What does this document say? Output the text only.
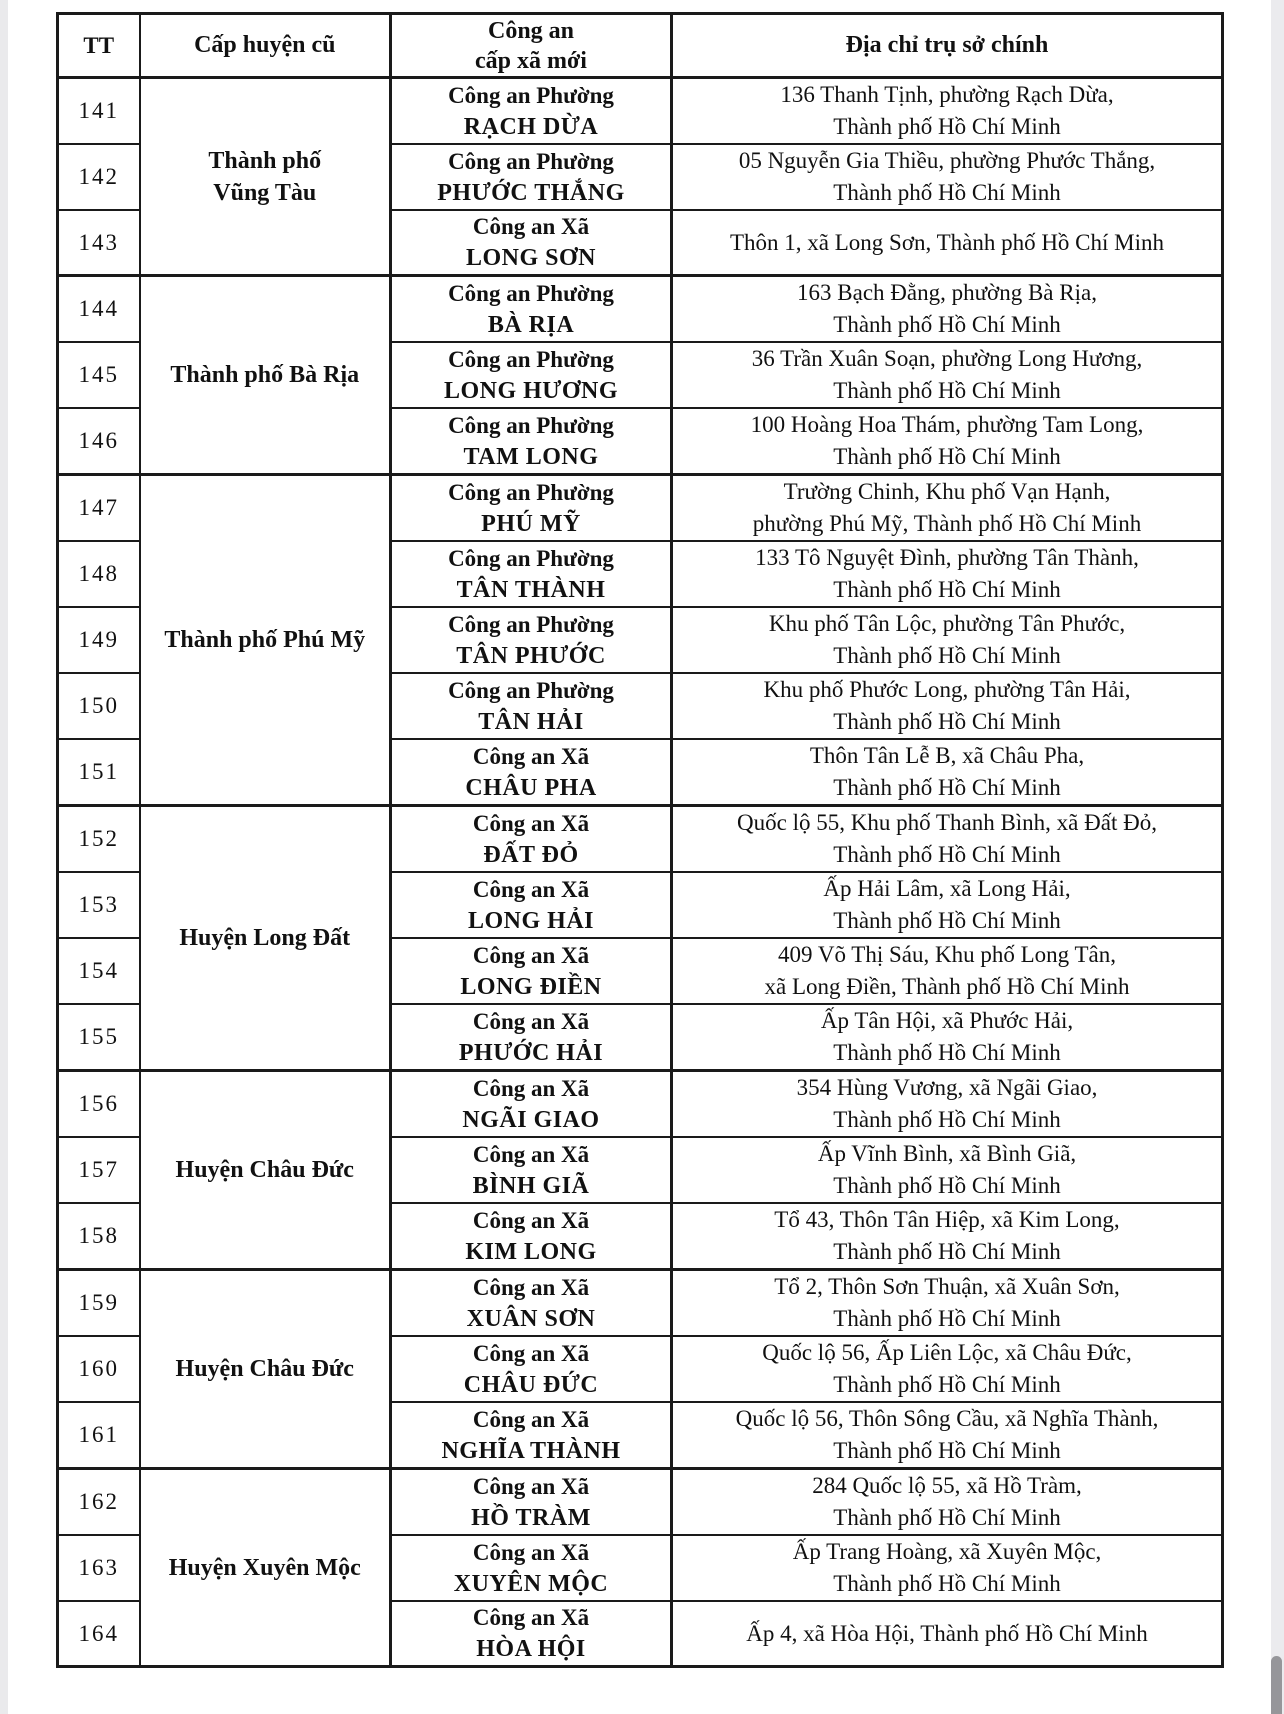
TT	Cấp huyện cũ	Công an
cấp xã mới	Địa chỉ trụ sở chính

141	Thành phố
Vũng Tàu	Công an Phường
RẠCH DỪA	136 Thanh Tịnh, phường Rạch Dừa,
Thành phố Hồ Chí Minh

142		Công an Phường
PHƯỚC THẮNG	05 Nguyễn Gia Thiều, phường Phước Thắng,
Thành phố Hồ Chí Minh

143		Công an Xã
LONG SƠN	Thôn 1, xã Long Sơn, Thành phố Hồ Chí Minh

144	Thành phố Bà Rịa	Công an Phường
BÀ RỊA	163 Bạch Đằng, phường Bà Rịa,
Thành phố Hồ Chí Minh

145		Công an Phường
LONG HƯƠNG	36 Trần Xuân Soạn, phường Long Hương,
Thành phố Hồ Chí Minh

146		Công an Phường
TAM LONG	100 Hoàng Hoa Thám, phường Tam Long,
Thành phố Hồ Chí Minh

147	Thành phố Phú Mỹ	Công an Phường
PHÚ MỸ	Trường Chinh, Khu phố Vạn Hạnh,
phường Phú Mỹ, Thành phố Hồ Chí Minh

148		Công an Phường
TÂN THÀNH	133 Tô Nguyệt Đình, phường Tân Thành,
Thành phố Hồ Chí Minh

149		Công an Phường
TÂN PHƯỚC	Khu phố Tân Lộc, phường Tân Phước,
Thành phố Hồ Chí Minh

150		Công an Phường
TÂN HẢI	Khu phố Phước Long, phường Tân Hải,
Thành phố Hồ Chí Minh

151		Công an Xã
CHÂU PHA	Thôn Tân Lễ B, xã Châu Pha,
Thành phố Hồ Chí Minh

152	Huyện Long Đất	Công an Xã
ĐẤT ĐỎ	Quốc lộ 55, Khu phố Thanh Bình, xã Đất Đỏ,
Thành phố Hồ Chí Minh

153		Công an Xã
LONG HẢI	Ấp Hải Lâm, xã Long Hải,
Thành phố Hồ Chí Minh

154		Công an Xã
LONG ĐIỀN	409 Võ Thị Sáu, Khu phố Long Tân,
xã Long Điền, Thành phố Hồ Chí Minh

155		Công an Xã
PHƯỚC HẢI	Ấp Tân Hội, xã Phước Hải,
Thành phố Hồ Chí Minh

156	Huyện Châu Đức	Công an Xã
NGÃI GIAO	354 Hùng Vương, xã Ngãi Giao,
Thành phố Hồ Chí Minh

157		Công an Xã
BÌNH GIÃ	Ấp Vĩnh Bình, xã Bình Giã,
Thành phố Hồ Chí Minh

158		Công an Xã
KIM LONG	Tổ 43, Thôn Tân Hiệp, xã Kim Long,
Thành phố Hồ Chí Minh

159	Huyện Châu Đức	Công an Xã
XUÂN SƠN	Tổ 2, Thôn Sơn Thuận, xã Xuân Sơn,
Thành phố Hồ Chí Minh

160		Công an Xã
CHÂU ĐỨC	Quốc lộ 56, Ấp Liên Lộc, xã Châu Đức,
Thành phố Hồ Chí Minh

161		Công an Xã
NGHĨA THÀNH	Quốc lộ 56, Thôn Sông Cầu, xã Nghĩa Thành,
Thành phố Hồ Chí Minh

162	Huyện Xuyên Mộc	Công an Xã
HỒ TRÀM	284 Quốc lộ 55, xã Hồ Tràm,
Thành phố Hồ Chí Minh

163		Công an Xã
XUYÊN MỘC	Ấp Trang Hoàng, xã Xuyên Mộc,
Thành phố Hồ Chí Minh

164		Công an Xã
HÒA HỘI	Ấp 4, xã Hòa Hội, Thành phố Hồ Chí Minh
